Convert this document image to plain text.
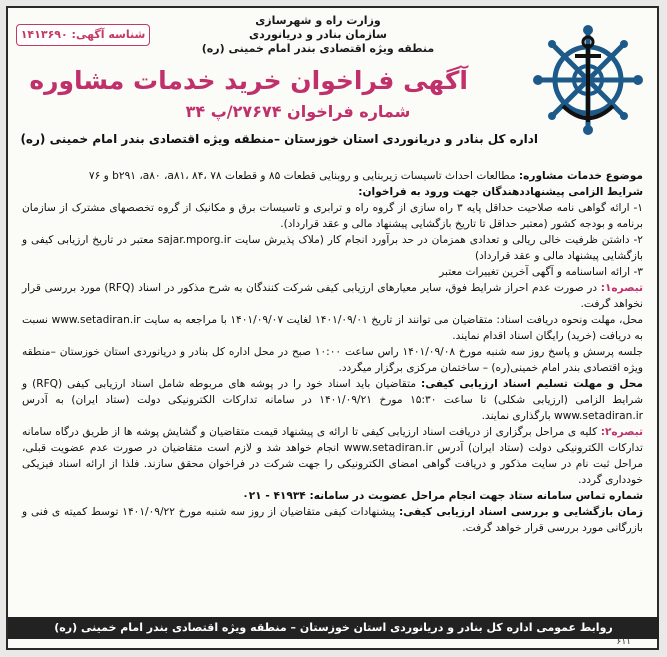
شناسه آگهی: ۱۴۱۳۶۹۰
وزارت راه و شهرسازی
سازمان بنادر و دریانوردی
منطقه ویژه اقتصادی بندر امام خمینی (ره)
آگهی فراخوان خرید خدمات مشاوره
شماره فراخوان ۲۷۶۷۴/پ ۳۴
اداره کل بنادر و دریانوردی استان خوزستان –منطقه ویژه اقتصادی بندر امام خمینی (ره)

موضوع خدمات مشاوره: مطالعات احداث تاسیسات زیربنایی و روبنایی قطعات ۸۵ و قطعات b۲۹۱ ،a۸۰ ،a۸۱، ۸۴، ۷۸ و ۷۶

شرایط الزامی پیشنهاددهندگان جهت ورود به فراخوان:

۱- ارائه گواهی نامه صلاحیت حداقل پایه ۳ راه سازی از گروه راه و ترابری و تاسیسات برق و مکانیک از گروه تخصصهای مشترک از سازمان برنامه و بودجه کشور (معتبر حداقل تا تاریخ بازگشایی پیشنهاد مالی و عقد قرارداد).

۲- داشتن ظرفیت خالی ریالی و تعدادی همزمان در حد برآورد انجام کار (ملاک پذیرش سایت sajar.mporg.ir معتبر در تاریخ ارزیابی کیفی و بازگشایی پیشنهاد مالی و عقد قرارداد)

۳- ارائه اساسنامه و آگهی آخرین تغییرات معتبر

تبصره۱: در صورت عدم احراز شرایط فوق، سایر معیارهای ارزیابی کیفی شرکت کنندگان به شرح مذکور در اسناد (RFQ) مورد بررسی قرار نخواهد گرفت.

محل، مهلت ونحوه دریافت اسناد: متقاضیان می توانند از تاریخ ۱۴۰۱/۰۹/۰۱ لغایت ۱۴۰۱/۰۹/۰۷ با مراجعه به سایت www.setadiran.ir نسبت به دریافت (خرید) رایگان اسناد اقدام نمایند.

جلسه پرسش و پاسخ روز سه شنبه مورخ ۱۴۰۱/۰۹/۰۸ راس ساعت ۱۰:۰۰ صبح در محل اداره کل بنادر و دریانوردی استان خوزستان –منطقه ویژه اقتصادی بندر امام خمینی(ره) – ساختمان مرکزی برگزار میگردد.

محل و مهلت تسلیم اسناد ارزیابی کیفی: متقاضیان باید اسناد خود را در پوشه های مربوطه شامل اسناد ارزیابی کیفی (RFQ) و شرایط الزامی (ارزیابی شکلی) تا ساعت ۱۵:۳۰ مورخ ۱۴۰۱/۰۹/۲۱ در سامانه تدارکات الکترونیکی دولت (ستاد ایران) به آدرس www.setadiran.ir بارگذاری نمایند.

تبصره۲: کلیه ی مراحل برگزاری از دریافت اسناد ارزیابی کیفی تا ارائه ی پیشنهاد قیمت متقاضیان و گشایش پوشه ها از طریق درگاه سامانه تدارکات الکترونیکی دولت (ستاد ایران) آدرس www.setadiran.ir انجام خواهد شد و لازم است متقاضیان در صورت عدم عضویت قبلی، مراحل ثبت نام در سایت مذکور و دریافت گواهی امضای الکترونیکی را جهت شرکت در فراخوان محقق سازند. فلذا از ارائه اسناد فیزیکی خودداری گردد.

شماره تماس سامانه ستاد جهت انجام مراحل عضویت در سامانه: ۴۱۹۳۴ - ۰۲۱

زمان بازگشایی و بررسی اسناد ارزیابی کیفی: پیشنهادات کیفی متقاضیان از روز سه شنبه مورخ ۱۴۰۱/۰۹/۲۲ توسط کمیته ی فنی و بازرگانی مورد بررسی قرار خواهد گرفت.

روابط عمومی اداره کل بنادر و دریانوردی استان خوزستان – منطقه ویژه اقتصادی بندر امام خمینی (ره)
۶۱۱
